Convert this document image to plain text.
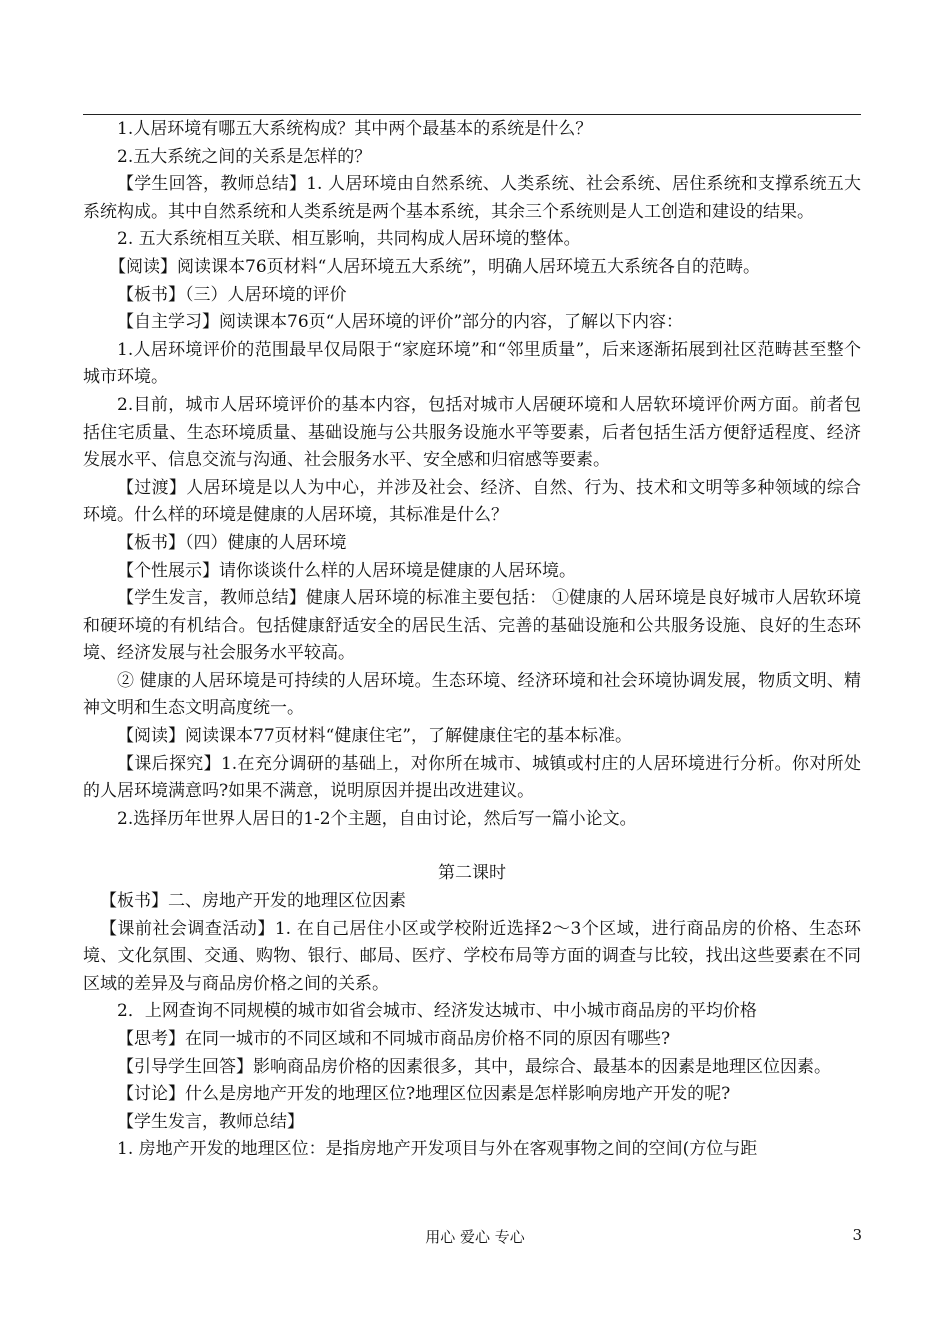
1.人居环境有哪五大系统构成？其中两个最基本的系统是什么？

2.五大系统之间的关系是怎样的？

【学生回答，教师总结】1. 人居环境由自然系统、人类系统、社会系统、居住系统和支撑系统五大系统构成。其中自然系统和人类系统是两个基本系统，其余三个系统则是人工创造和建设的结果。

2. 五大系统相互关联、相互影响，共同构成人居环境的整体。

【阅读】阅读课本76页材料“人居环境五大系统”，明确人居环境五大系统各自的范畴。

【板书】（三）人居环境的评价

【自主学习】阅读课本76页“人居环境的评价”部分的内容，了解以下内容：

1.人居环境评价的范围最早仅局限于“家庭环境”和“邻里质量”，后来逐渐拓展到社区范畴甚至整个城市环境。

2.目前，城市人居环境评价的基本内容，包括对城市人居硬环境和人居软环境评价两方面。前者包括住宅质量、生态环境质量、基础设施与公共服务设施水平等要素，后者包括生活方便舒适程度、经济发展水平、信息交流与沟通、社会服务水平、安全感和归宿感等要素。

【过渡】人居环境是以人为中心，并涉及社会、经济、自然、行为、技术和文明等多种领域的综合环境。什么样的环境是健康的人居环境，其标准是什么？

【板书】（四）健康的人居环境

【个性展示】请你谈谈什么样的人居环境是健康的人居环境。

【学生发言，教师总结】健康人居环境的标准主要包括： ①健康的人居环境是良好城市人居软环境和硬环境的有机结合。包括健康舒适安全的居民生活、完善的基础设施和公共服务设施、良好的生态环境、经济发展与社会服务水平较高。

② 健康的人居环境是可持续的人居环境。生态环境、经济环境和社会环境协调发展，物质文明、精神文明和生态文明高度统一。

【阅读】阅读课本77页材料“健康住宅”，了解健康住宅的基本标准。

【课后探究】1.在充分调研的基础上，对你所在城市、城镇或村庄的人居环境进行分析。你对所处的人居环境满意吗?如果不满意，说明原因并提出改进建议。

2.选择历年世界人居日的1-2个主题，自由讨论，然后写一篇小论文。

第二课时

【板书】二、房地产开发的地理区位因素

【课前社会调查活动】1. 在自己居住小区或学校附近选择2～3个区域，进行商品房的价格、生态环境、文化氛围、交通、购物、银行、邮局、医疗、学校布局等方面的调查与比较，找出这些要素在不同区域的差异及与商品房价格之间的关系。

2．上网查询不同规模的城市如省会城市、经济发达城市、中小城市商品房的平均价格

【思考】在同一城市的不同区域和不同城市商品房价格不同的原因有哪些?

【引导学生回答】影响商品房价格的因素很多，其中，最综合、最基本的因素是地理区位因素。

【讨论】什么是房地产开发的地理区位?地理区位因素是怎样影响房地产开发的呢?

【学生发言，教师总结】

1. 房地产开发的地理区位：是指房地产开发项目与外在客观事物之间的空间(方位与距

用心 爱心 专心	3
